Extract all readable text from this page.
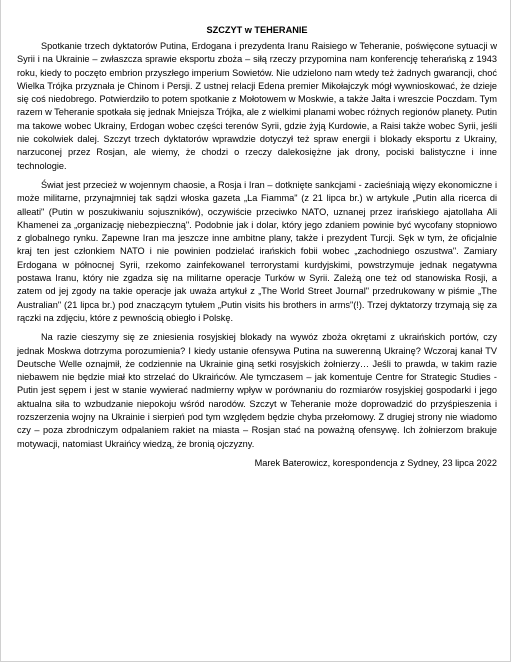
SZCZYT w TEHERANIE

Spotkanie trzech dyktatorów Putina, Erdogana i prezydenta Iranu Raisiego w Teheranie, poświęcone sytuacji w Syrii i na Ukrainie – zwłaszcza sprawie eksportu zboża – siłą rzeczy przypomina nam konferencję teherańską z 1943 roku, kiedy to poczęto embrion przyszłego imperium Sowietów. Nie udzielono nam wtedy też żadnych gwarancji, choć Wielka Trójka przyznała je Chinom i Persji. Z ustnej relacji Edena premier Mikołajczyk mógł wywnioskować, że dzieje się coś niedobrego. Potwierdziło to potem spotkanie z Mołotowem w Moskwie, a także Jałta i wreszcie Poczdam. Tym razem w Teheranie spotkała się jednak Mniejsza Trójka, ale z wielkimi planami wobec różnych regionów planety. Putin ma takowe wobec Ukrainy, Erdogan wobec części terenów Syrii, gdzie żyją Kurdowie, a Raisi także wobec Syrii, jeśli nie cokolwiek dalej. Szczyt trzech dyktatorów wprawdzie dotyczył też spraw energii i blokady eksportu z Ukrainy, narzuconej przez Rosjan, ale wiemy, że chodzi o rzeczy dalekosiężne jak drony, pociski balistyczne i inne technologie.

Świat jest przecież w wojennym chaosie, a Rosja i Iran – dotknięte sankcjami - zacieśniają więzy ekonomiczne i może militarne, przynajmniej tak sądzi włoska gazeta „La Fiamma" (z 21 lipca br.) w artykule „Putin alla ricerca di alleati" (Putin w poszukiwaniu sojuszników), oczywiście przeciwko NATO, uznanej przez irańskiego ajatollaha Ali Khamenei za „organizację niebezpieczną". Podobnie jak i dolar, który jego zdaniem powinie być wycofany stopniowo z globalnego rynku. Zapewne Iran ma jeszcze inne ambitne plany, także i prezydent Turcji. Sęk w tym, że oficjalnie kraj ten jest członkiem NATO i nie powinien podzielać irańskich fobii wobec „zachodniego oszustwa". Zamiary Erdogana w północnej Syrii, rzekomo zainfekowanel terrorystami kurdyjskimi, powstrzymuje jednak negatywna postawa Iranu, który nie zgadza się na militarne operacje Turków w Syrii. Zależą one też od stanowiska Rosji, a zatem od jej zgody na takie operacje jak uważa artykuł z „The World Street Journal" przedrukowany w piśmie „The Australian" (21 lipca br.) pod znaczącym tytułem „Putin visits his brothers in arms"(!). Trzej dyktatorzy trzymają się za rączki na zdjęciu, które z pewnością obiegło i Polskę.

Na razie cieszymy się ze zniesienia rosyjskiej blokady na wywóz zboża okrętami z ukraińskich portów, czy jednak Moskwa dotrzyma porozumienia? I kiedy ustanie ofensywa Putina na suwerenną Ukrainę? Wczoraj kanał TV Deutsche Welle oznajmił, że codziennie na Ukrainie giną setki rosyjskich żołnierzy… Jeśli to prawda, w takim razie niebawem nie będzie miał kto strzelać do Ukraińców. Ale tymczasem – jak komentuje Centre for Strategic Studies - Putin jest sępem i jest w stanie wywierać nadmierny wpływ w porównaniu do rozmiarów rosyjskiej gospodarki i jego aktualna siła to wzbudzanie niepokoju wśród narodów. Szczyt w Teheranie może doprowadzić do przyśpieszenia i rozszerzenia wojny na Ukrainie i sierpień pod tym względem będzie chyba przełomowy. Z drugiej strony nie wiadomo czy – poza zbrodniczym odpalaniem rakiet na miasta – Rosjan stać na poważną ofensywę. Ich żołnierzom brakuje motywacji, natomiast Ukraińcy wiedzą, że bronią ojczyzny.

Marek Baterowicz, korespondencja z Sydney, 23 lipca 2022
